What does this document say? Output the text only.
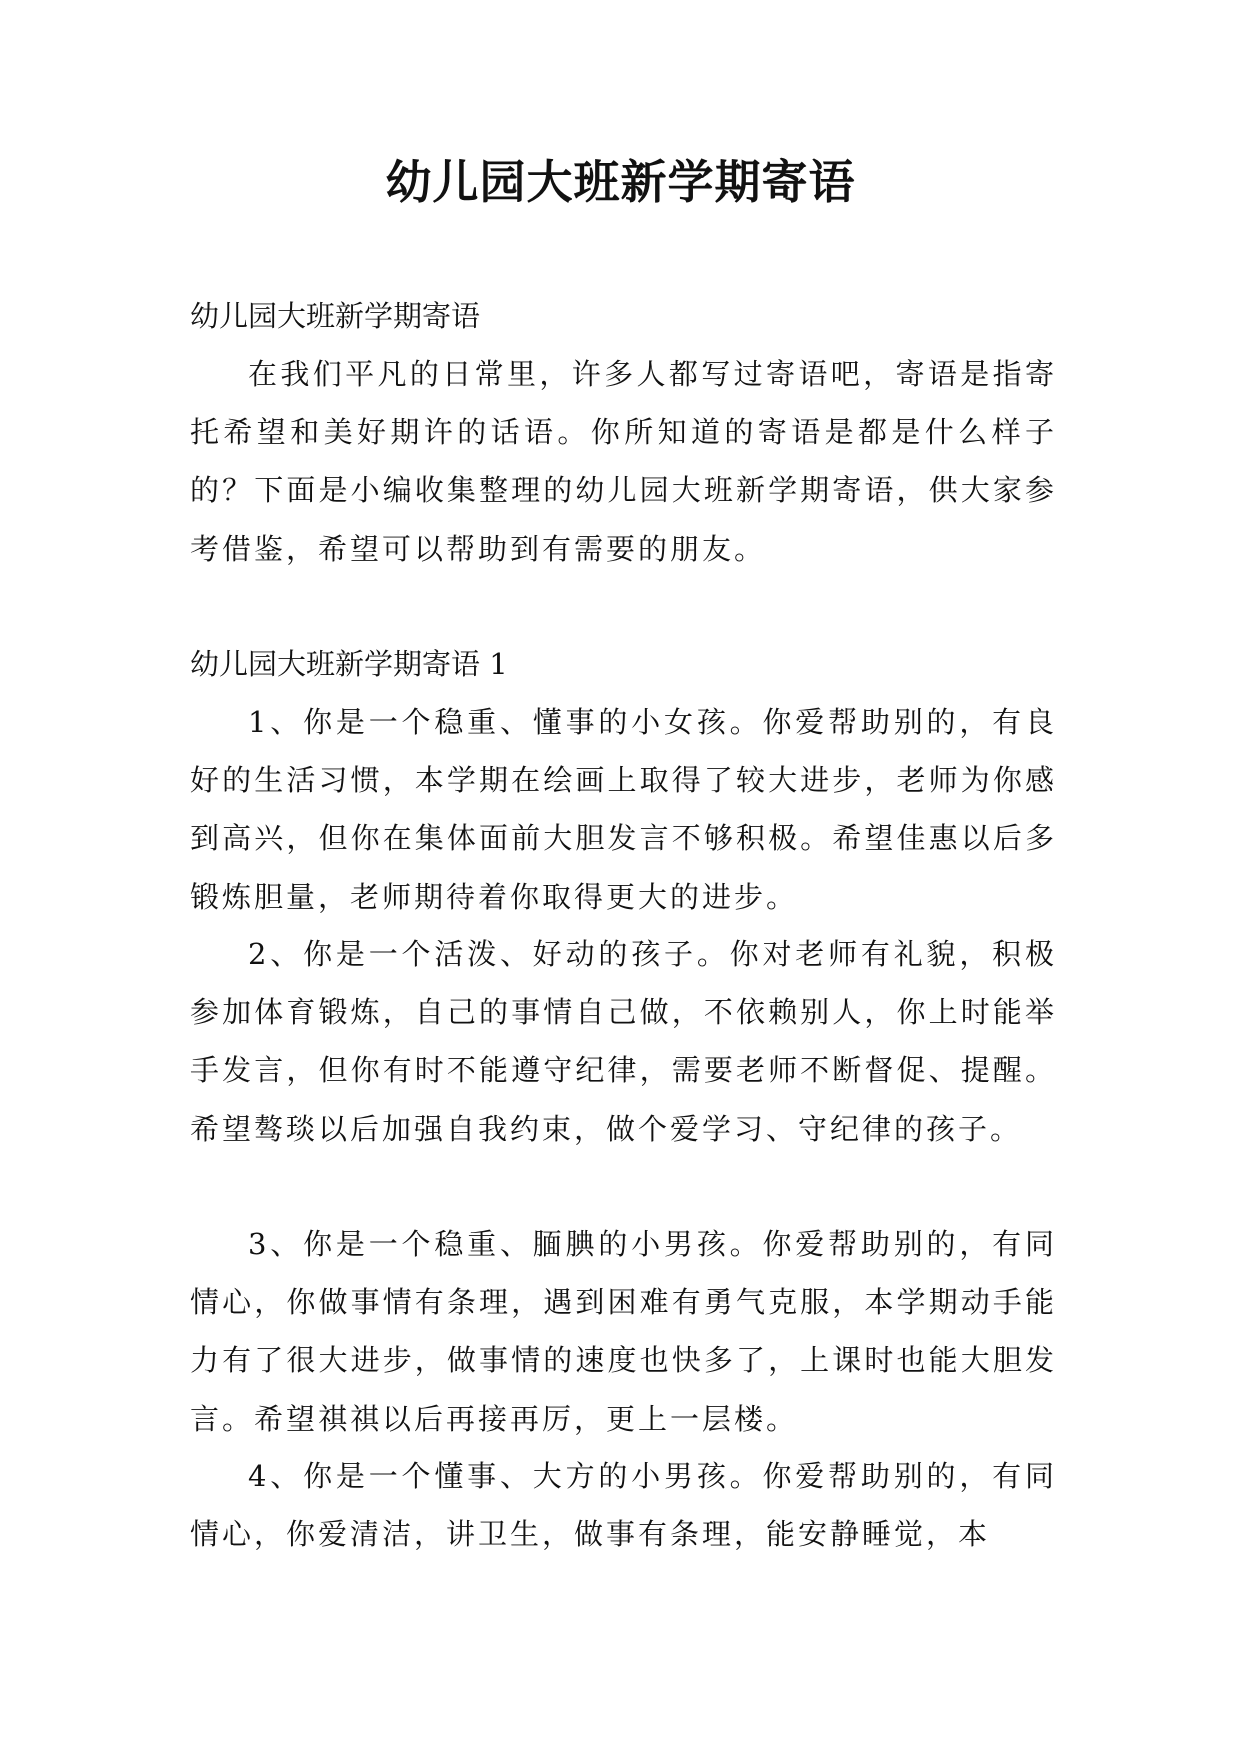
幼儿园大班新学期寄语
幼儿园大班新学期寄语
在我们平凡的日常里，许多人都写过寄语吧，寄语是指寄托希望和美好期许的话语。你所知道的寄语是都是什么样子的？下面是小编收集整理的幼儿园大班新学期寄语，供大家参考借鉴，希望可以帮助到有需要的朋友。
幼儿园大班新学期寄语 1
1、你是一个稳重、懂事的小女孩。你爱帮助别的，有良好的生活习惯，本学期在绘画上取得了较大进步，老师为你感到高兴，但你在集体面前大胆发言不够积极。希望佳惠以后多锻炼胆量，老师期待着你取得更大的进步。
2、你是一个活泼、好动的孩子。你对老师有礼貌，积极参加体育锻炼，自己的事情自己做，不依赖别人，你上时能举手发言，但你有时不能遵守纪律，需要老师不断督促、提醒。希望骜琰以后加强自我约束，做个爱学习、守纪律的孩子。
3、你是一个稳重、腼腆的小男孩。你爱帮助别的，有同情心，你做事情有条理，遇到困难有勇气克服，本学期动手能力有了很大进步，做事情的速度也快多了，上课时也能大胆发言。希望祺祺以后再接再厉，更上一层楼。
4、你是一个懂事、大方的小男孩。你爱帮助别的，有同情心，你爱清洁，讲卫生，做事有条理，能安静睡觉，本
